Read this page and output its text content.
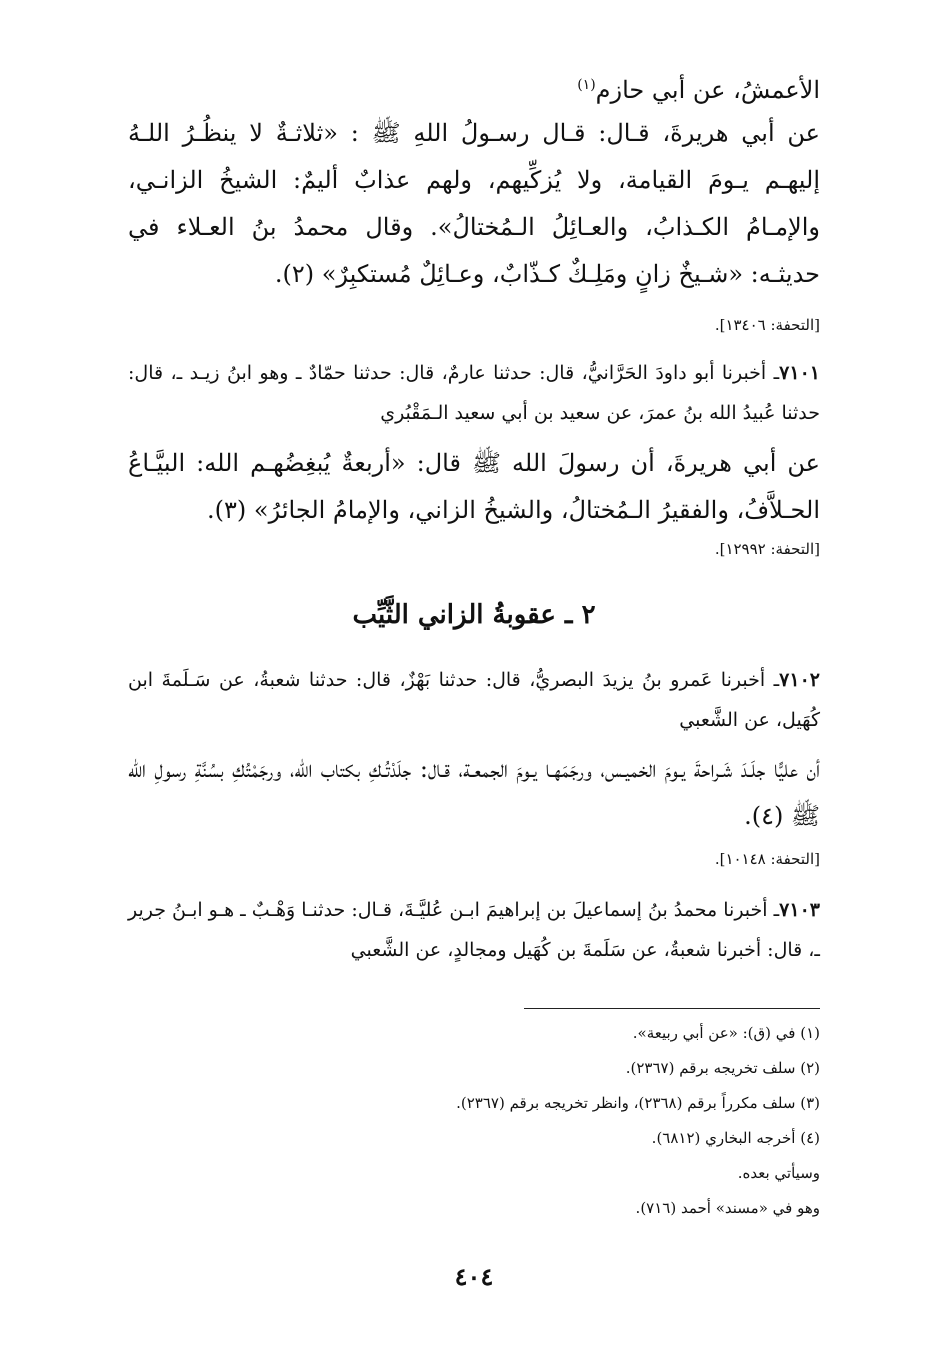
الأعمشُ، عن أبي حازم$^{(١)}$

عن أبي هريرةَ، قـال: قـال رسـولُ اللهِ ﷺ : «ثلاثـةٌ لا ينظُـرُ اللـهُ إليهـم يـومَ القيامة، ولا يُزكِّيهم، ولهم عذابٌ أليمٌ: الشيخُ الزانـي، والإمـامُ الكـذابُ، والعـائِلُ الـمُختالُ». وقال محمدُ بنُ العـلاء في حديثـه: «شـيخٌ زانٍ ومَلِـكٌ كـذّابٌ، وعـائِلٌ مُستكبِرٌ» (٢).

[التحفة: ١٣٤٠٦].

٧١٠١ـ أخبرنا أبو داودَ الحَرَّانيُّ، قال: حدثنا عارمٌ، قال: حدثنا حمّادٌ ـ وهو ابنُ زيـد ـ، قال: حدثنا عُبيدُ الله بنُ عمرَ، عن سعيد بن أبي سعيد الـمَقْبُري

عن أبي هريرةَ، أن رسولَ الله ﷺ قال: «أربعةٌ يُبغِضُهـم الله: البيَّـاعُ الحـلاَّفُ، والفقيرُ الـمُختالُ، والشيخُ الزاني، والإمامُ الجائرُ» (٣).

[التحفة: ١٢٩٩٢].

٢ ـ عقوبةُ الزاني الثَّيِّب

٧١٠٢ـ أخبرنا عَمرو بنُ يزيدَ البصريُّ، قال: حدثنا بَهْزٌ، قال: حدثنا شعبةُ، عن سَـلَمةَ ابن كُهَيل، عن الشَّعبي

أن عليًّا جلَـدَ شَـراحةَ يـومَ الخميـس، ورجَمَهـا يـومَ الجمعـة، قـال: جلَدْتُـكِ بكتاب الله، ورجَمْتُكِ بسُنَّةِ رسولِ الله ﷺ (٤).

[التحفة: ١٠١٤٨].

٧١٠٣ـ أخبرنا محمدُ بنُ إسماعيلَ بن إبراهيمَ ابـن عُليَّـةَ، قـال: حدثنـا وَهْـبٌ ـ هـو ابـنُ جرير ـ، قال: أخبرنا شعبةُ، عن سَلَمةَ بن كُهَيل ومجالدٍ، عن الشَّعبي

(١) في (ق): «عن أبي ربيعة».

(٢) سلف تخريجه برقم (٢٣٦٧).

(٣) سلف مكرراً برقم (٢٣٦٨)، وانظر تخريجه برقم (٢٣٦٧).

(٤) أخرجه البخاري (٦٨١٢).

وسيأتي بعده.

وهو في «مسند» أحمد (٧١٦).

٤٠٤
